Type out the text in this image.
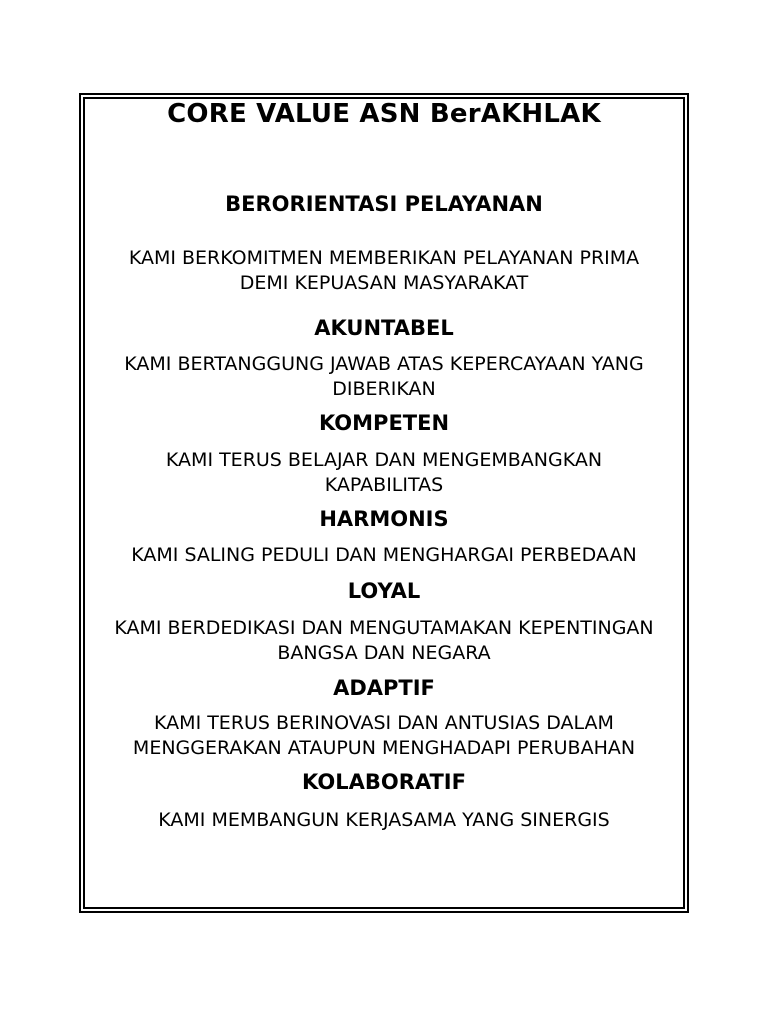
CORE VALUE ASN BerAKHLAK
BERORIENTASI PELAYANAN
KAMI BERKOMITMEN MEMBERIKAN PELAYANAN PRIMA
DEMI KEPUASAN MASYARAKAT
AKUNTABEL
KAMI BERTANGGUNG JAWAB ATAS KEPERCAYAAN YANG
DIBERIKAN
KOMPETEN
KAMI TERUS BELAJAR DAN MENGEMBANGKAN
KAPABILITAS
HARMONIS
KAMI SALING PEDULI DAN MENGHARGAI PERBEDAAN
LOYAL
KAMI BERDEDIKASI DAN MENGUTAMAKAN KEPENTINGAN
BANGSA DAN NEGARA
ADAPTIF
KAMI TERUS BERINOVASI DAN ANTUSIAS DALAM
MENGGERAKAN ATAUPUN MENGHADAPI PERUBAHAN
KOLABORATIF
KAMI MEMBANGUN KERJASAMA YANG SINERGIS
